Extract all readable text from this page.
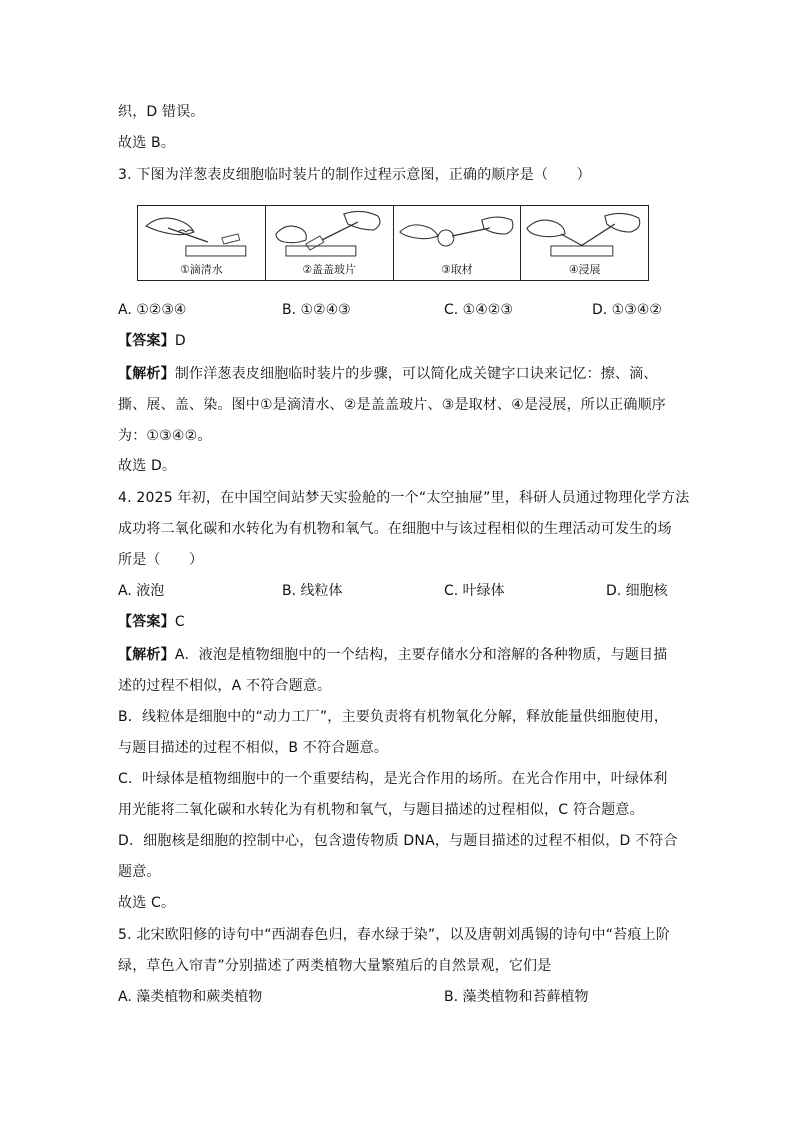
织，D 错误。
故选 B。
3. 下图为洋葱表皮细胞临时装片的制作过程示意图，正确的顺序是（　　）
①滴清水	②盖盖玻片	③取材	④浸展
A. ①②③④	B. ①②④③	C. ①④②③	D. ①③④②
【答案】D
【解析】制作洋葱表皮细胞临时装片的步骤，可以简化成关键字口诀来记忆：擦、滴、
撕、展、盖、染。图中①是滴清水、②是盖盖玻片、③是取材、④是浸展，所以正确顺序
为：①③④②。
故选 D。
4. 2025 年初，在中国空间站梦天实验舱的一个“太空抽屉”里，科研人员通过物理化学方法
成功将二氧化碳和水转化为有机物和氧气。在细胞中与该过程相似的生理活动可发生的场
所是（　　）
A. 液泡	B. 线粒体	C. 叶绿体	D. 细胞核
【答案】C
【解析】A．液泡是植物细胞中的一个结构，主要存储水分和溶解的各种物质，与题目描
述的过程不相似，A 不符合题意。
B．线粒体是细胞中的“动力工厂”，主要负责将有机物氧化分解，释放能量供细胞使用，
与题目描述的过程不相似，B 不符合题意。
C．叶绿体是植物细胞中的一个重要结构，是光合作用的场所。在光合作用中，叶绿体利
用光能将二氧化碳和水转化为有机物和氧气，与题目描述的过程相似，C 符合题意。
D．细胞核是细胞的控制中心，包含遗传物质 DNA，与题目描述的过程不相似，D 不符合
题意。
故选 C。
5. 北宋欧阳修的诗句中“西湖春色归，春水绿于染”，以及唐朝刘禹锡的诗句中“苔痕上阶
绿，草色入帘青”分别描述了两类植物大量繁殖后的自然景观，它们是
A. 藻类植物和蕨类植物	B. 藻类植物和苔藓植物
